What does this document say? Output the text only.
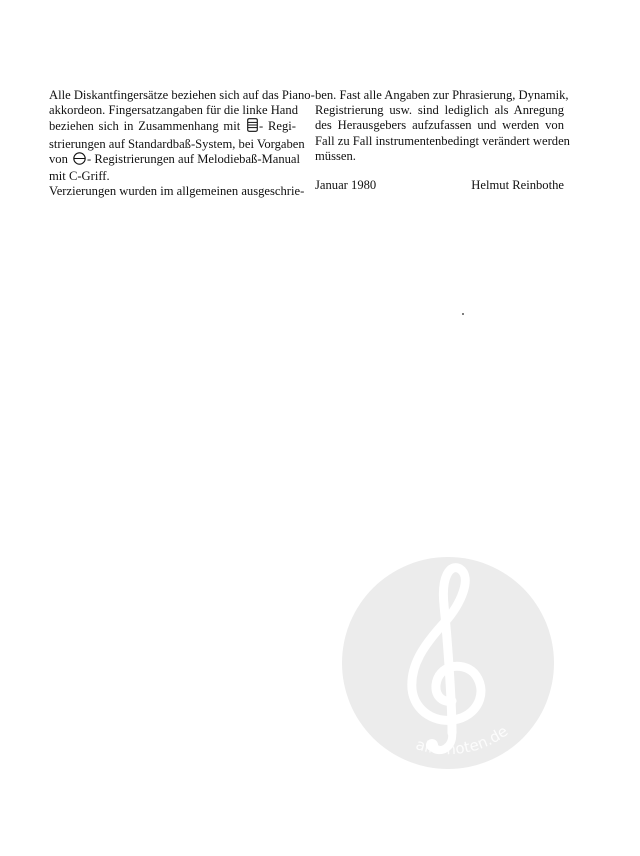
Alle Diskantfingersätze beziehen sich auf das Piano-
akkordeon. Fingersatzangaben für die linke Hand
beziehen sich in Zusammenhang mit - Regi-
strierungen auf Standardbaß-System, bei Vorgaben
von - Registrierungen auf Melodiebaß-Manual
mit C-Griff.
Verzierungen wurden im allgemeinen ausgeschrie-
ben. Fast alle Angaben zur Phrasierung, Dynamik,
Registrierung usw. sind lediglich als Anregung
des Herausgebers aufzufassen und werden von
Fall zu Fall instrumentenbedingt verändert werden
müssen.
Januar 1980	Helmut Reinbothe
alle-noten.de
